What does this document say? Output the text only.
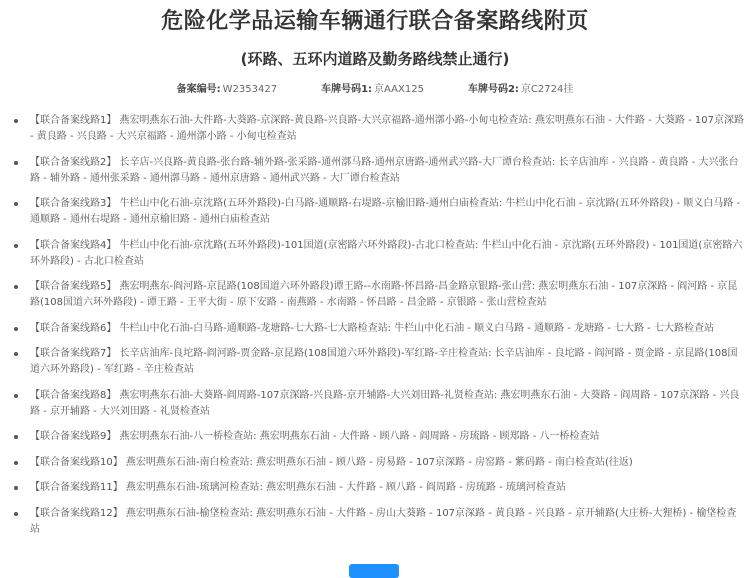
危险化学品运输车辆通行联合备案路线附页
(环路、五环内道路及勤务路线禁止通行)
备案编号: W2353427	车牌号码1: 京AAX125	车牌号码2: 京C2724挂
【联合备案线路1】 燕宏明燕东石油-大件路-大葵路-京深路-黄良路-兴良路-大兴京福路-通州漷小路-小甸屯检查站: 燕宏明燕东石油 - 大件路 - 大葵路 - 107京深路 - 黄良路 - 兴良路 - 大兴京福路 - 通州漷小路 - 小甸屯检查站
【联合备案线路2】 长辛店-兴良路-黄良路-张台路-辅外路-张采路-通州漷马路-通州京唐路-通州武兴路-大厂谭台检查站: 长辛店油库 - 兴良路 - 黄良路 - 大兴张台路 - 辅外路 - 通州张采路 - 通州漷马路 - 通州京唐路 - 通州武兴路 - 大厂谭台检查站
【联合备案线路3】 牛栏山中化石油-京沈路(五环外路段)-白马路-通顺路-右堤路-京榆旧路-通州白庙检查站: 牛栏山中化石油 - 京沈路(五环外路段) - 顺义白马路 - 通顺路 - 通州右堤路 - 通州京榆旧路 - 通州白庙检查站
【联合备案线路4】 牛栏山中化石油-京沈路(五环外路段)-101国道(京密路六环外路段)-古北口检查站: 牛栏山中化石油 - 京沈路(五环外路段) - 101国道(京密路六环外路段) - 古北口检查站
【联合备案线路5】 燕宏明燕东-阎河路-京昆路(108国道六环外路段)谭王路--水南路-怀昌路-昌金路京银路-张山营: 燕宏明燕东石油 - 107京深路 - 阎河路 - 京昆路(108国道六环外路段) - 谭王路 - 王平大街 - 原下安路 - 南燕路 - 水南路 - 怀昌路 - 昌金路 - 京银路 - 张山营检查站
【联合备案线路6】 牛栏山中化石油-白马路-通顺路-龙塘路-七大路-七大路检查站: 牛栏山中化石油 - 顺义白马路 - 通顺路 - 龙塘路 - 七大路 - 七大路检查站
【联合备案线路7】 长辛店油库-良坨路-阎河路-贾金路-京昆路(108国道六环外路段)-军红路-辛庄检查站: 长辛店油库 - 良坨路 - 阎河路 - 贾金路 - 京昆路(108国道六环外路段) - 军红路 - 辛庄检查站
【联合备案线路8】 燕宏明燕东石油-大葵路-阎周路-107京深路-兴良路-京开辅路-大兴刘田路-礼贤检查站: 燕宏明燕东石油 - 大葵路 - 阎周路 - 107京深路 - 兴良路 - 京开辅路 - 大兴刘田路 - 礼贤检查站
【联合备案线路9】 燕宏明燕东石油-八一桥检查站: 燕宏明燕东石油 - 大件路 - 顾八路 - 阎周路 - 房琉路 - 顾郑路 - 八一桥检查站
【联合备案线路10】 燕宏明燕东石油-南白检查站: 燕宏明燕东石油 - 顾八路 - 房易路 - 107京深路 - 房窑路 - 紫码路 - 南白检查站(往返)
【联合备案线路11】 燕宏明燕东石油-琉璃河检查站: 燕宏明燕东石油 - 大件路 - 顾八路 - 阎周路 - 房琉路 - 琉璃河检查站
【联合备案线路12】 燕宏明燕东石油-榆垡检查站: 燕宏明燕东石油 - 大件路 - 房山大葵路 - 107京深路 - 黄良路 - 兴良路 - 京开辅路(大庄桥-大狸桥) - 榆垡检查站
